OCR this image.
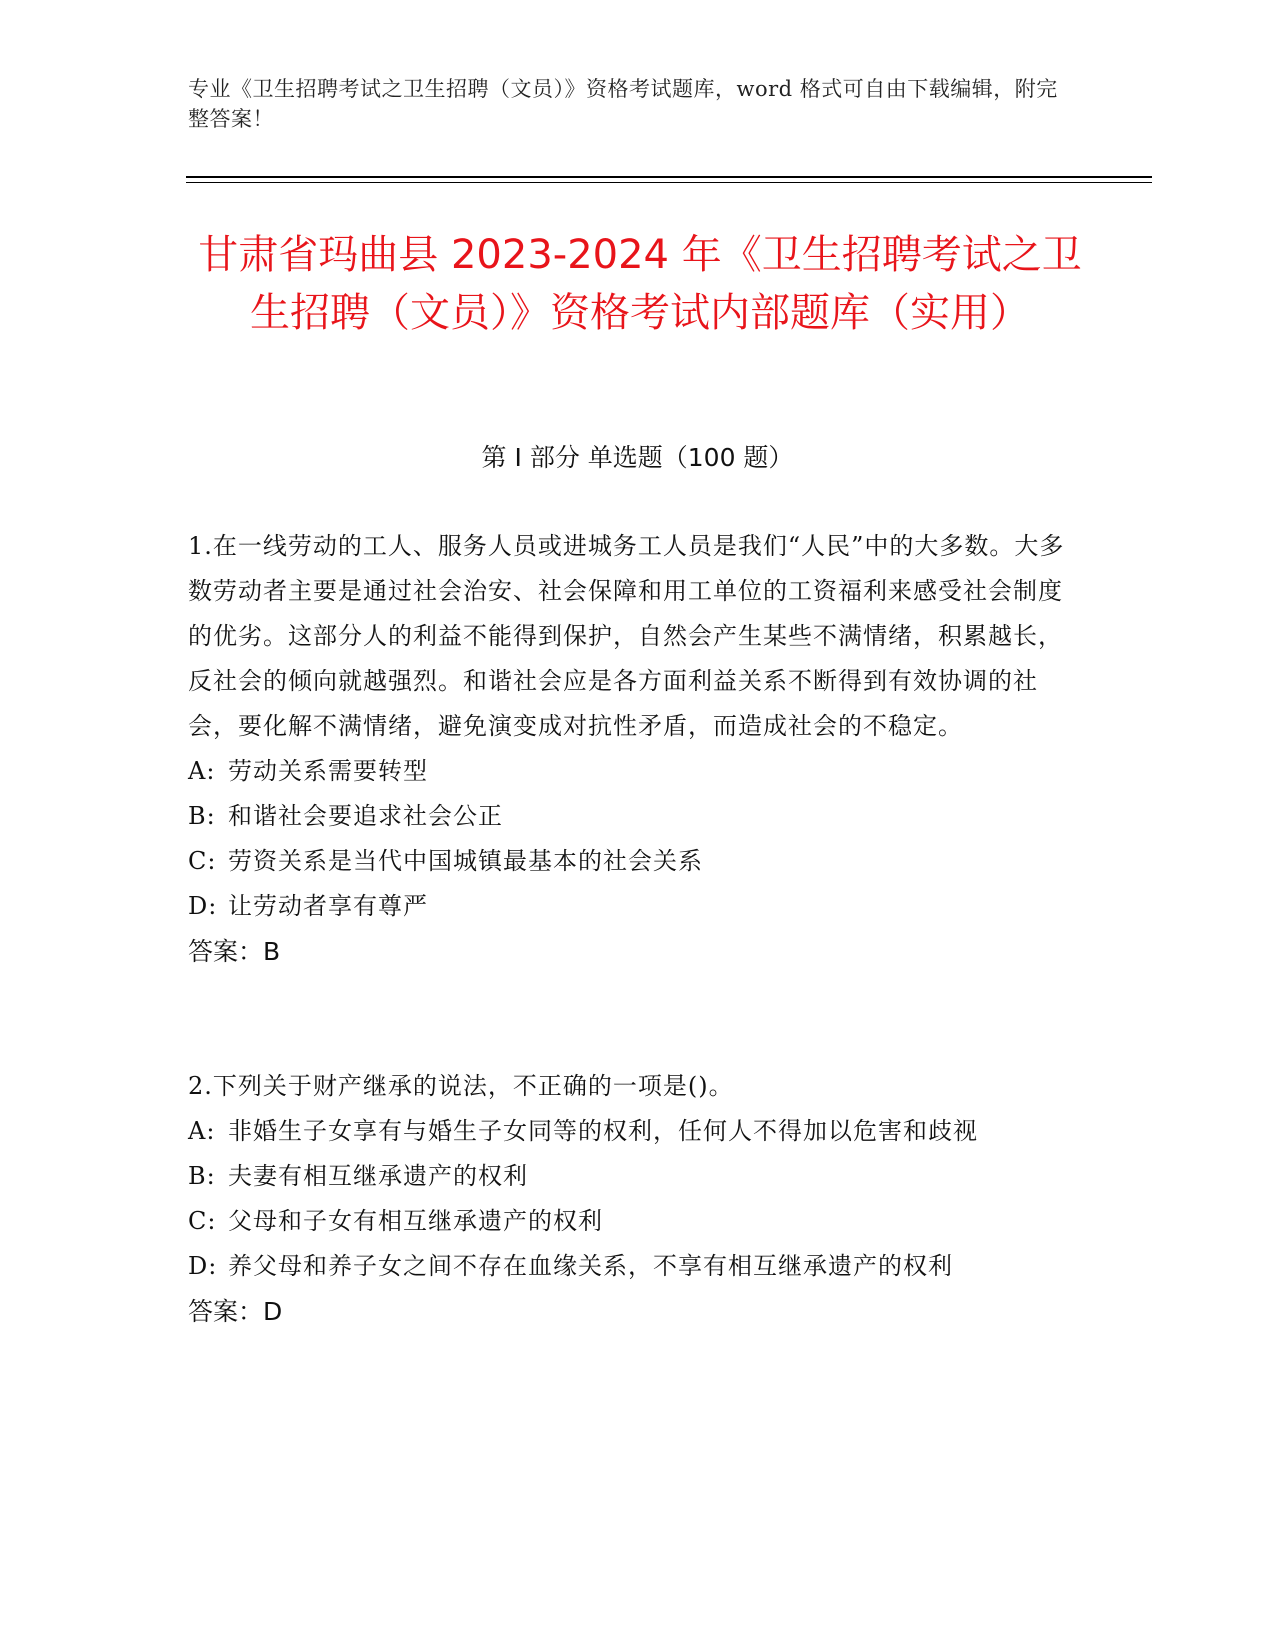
专业《卫生招聘考试之卫生招聘（文员）》资格考试题库，word 格式可自由下载编辑，附完整答案！
甘肃省玛曲县 2023-2024 年《卫生招聘考试之卫生招聘（文员）》资格考试内部题库（实用）
第 I 部分 单选题（100 题）
1.在一线劳动的工人、服务人员或进城务工人员是我们“人民”中的大多数。大多数劳动者主要是通过社会治安、社会保障和用工单位的工资福利来感受社会制度的优劣。这部分人的利益不能得到保护，自然会产生某些不满情绪，积累越长，反社会的倾向就越强烈。和谐社会应是各方面利益关系不断得到有效协调的社会，要化解不满情绪，避免演变成对抗性矛盾，而造成社会的不稳定。
A: 劳动关系需要转型
B: 和谐社会要追求社会公正
C: 劳资关系是当代中国城镇最基本的社会关系
D: 让劳动者享有尊严
答案：B
2.下列关于财产继承的说法，不正确的一项是()。
A: 非婚生子女享有与婚生子女同等的权利，任何人不得加以危害和歧视
B: 夫妻有相互继承遗产的权利
C: 父母和子女有相互继承遗产的权利
D: 养父母和养子女之间不存在血缘关系，不享有相互继承遗产的权利
答案：D
